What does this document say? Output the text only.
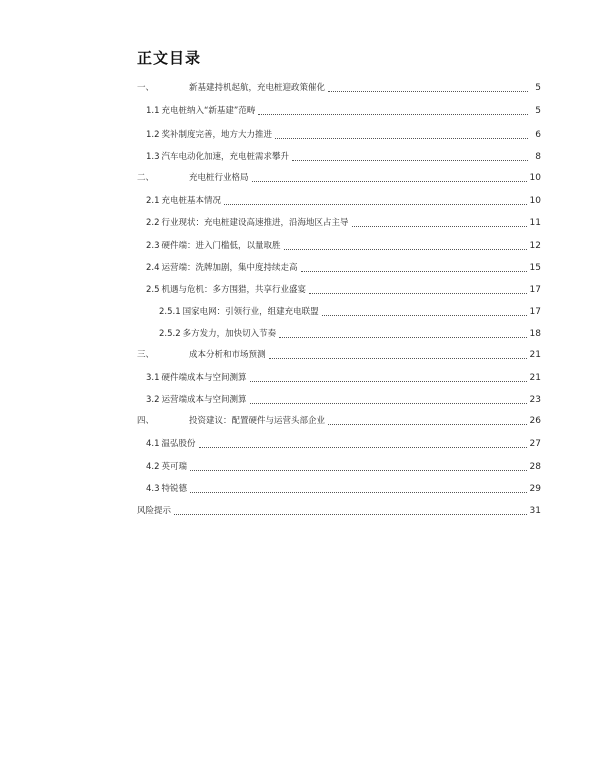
正文目录
一、	新基建持机起航，充电桩迎政策催化	5
1.1 充电桩纳入“新基建”范畴	5
1.2 奖补制度完善，地方大力推进	6
1.3 汽车电动化加速，充电桩需求攀升	8
二、	充电桩行业格局	10
2.1 充电桩基本情况	10
2.2 行业现状：充电桩建设高速推进，沿海地区占主导	11
2.3 硬件端：进入门槛低，以量取胜	12
2.4 运营端：洗牌加剧，集中度持续走高	15
2.5 机遇与危机：多方围猎，共享行业盛宴	17
2.5.1 国家电网：引领行业，组建充电联盟	17
2.5.2 多方发力，加快切入节奏	18
三、	成本分析和市场预测	21
3.1 硬件端成本与空间测算	21
3.2 运营端成本与空间测算	23
四、	投资建议：配置硬件与运营头部企业	26
4.1 温弘股份	27
4.2 英可瑞	28
4.3 特锐德	29
风险提示	31
